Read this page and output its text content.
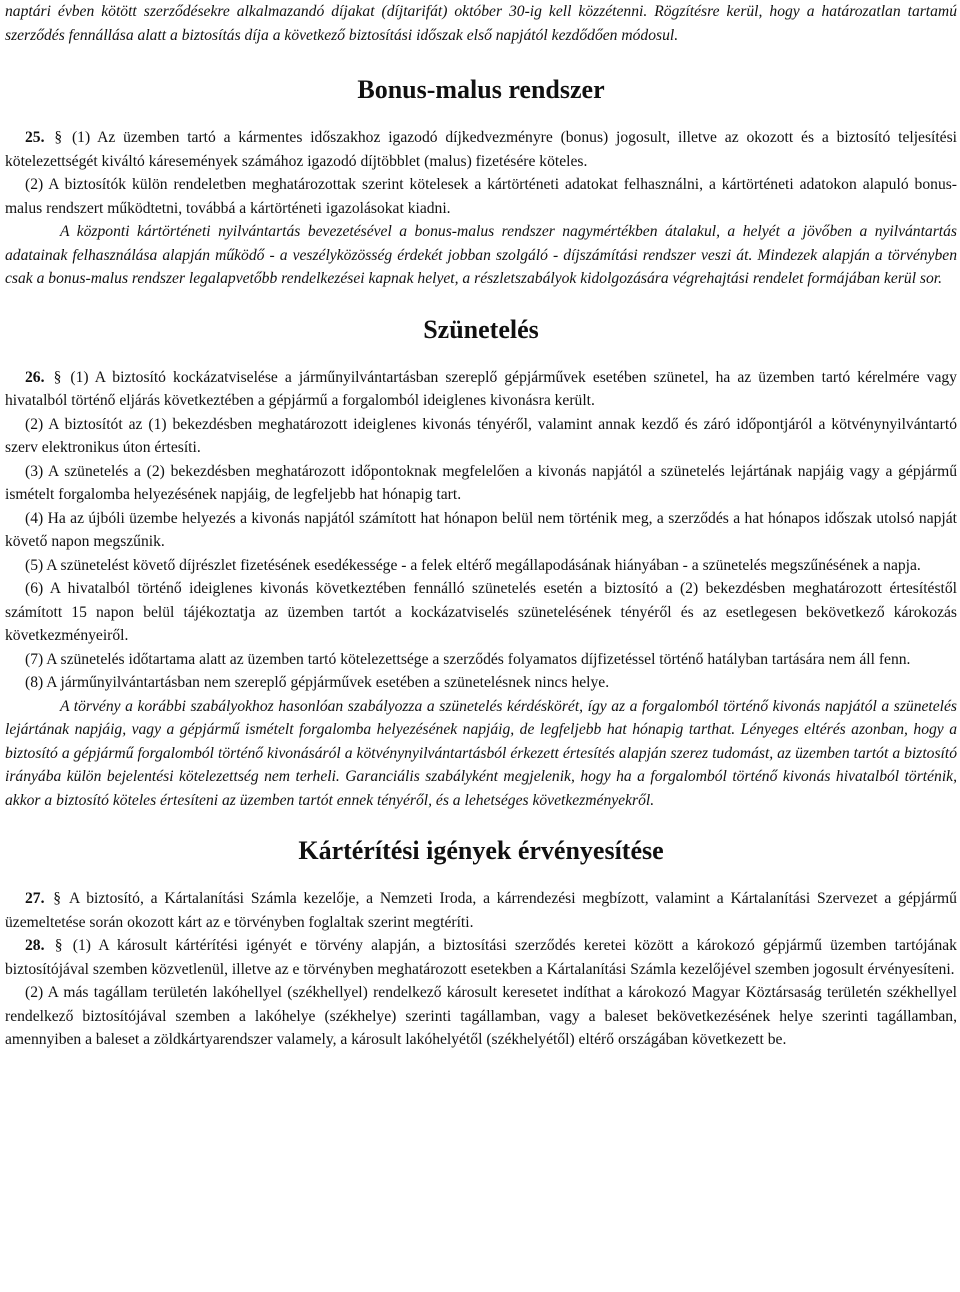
naptári évben kötött szerződésekre alkalmazandó díjakat (díjtarifát) október 30-ig kell közzétenni. Rögzítésre kerül, hogy a határozatlan tartamú szerződés fennállása alatt a biztosítás díja a következő biztosítási időszak első napjától kezdődően módosul.

Bonus-malus rendszer

25. § (1) Az üzemben tartó a kármentes időszakhoz igazodó díjkedvezményre (bonus) jogosult, illetve az okozott és a biztosító teljesítési kötelezettségét kiváltó káresemények számához igazodó díjtöbblet (malus) fizetésére köteles.

(2) A biztosítók külön rendeletben meghatározottak szerint kötelesek a kártörténeti adatokat felhasználni, a kártörténeti adatokon alapuló bonus-malus rendszert működtetni, továbbá a kártörténeti igazolásokat kiadni.

A központi kártörténeti nyilvántartás bevezetésével a bonus-malus rendszer nagymértékben átalakul, a helyét a jövőben a nyilvántartás adatainak felhasználása alapján működő - a veszélyközösség érdekét jobban szolgáló - díjszámítási rendszer veszi át. Mindezek alapján a törvényben csak a bonus-malus rendszer legalapvetőbb rendelkezései kapnak helyet, a részletszabályok kidolgozására végrehajtási rendelet formájában kerül sor.

Szünetelés

26. § (1) A biztosító kockázatviselése a járműnyilvántartásban szereplő gépjárművek esetében szünetel, ha az üzemben tartó kérelmére vagy hivatalból történő eljárás következtében a gépjármű a forgalomból ideiglenes kivonásra került.

(2) A biztosítót az (1) bekezdésben meghatározott ideiglenes kivonás tényéről, valamint annak kezdő és záró időpontjáról a kötvénynyilvántartó szerv elektronikus úton értesíti.

(3) A szünetelés a (2) bekezdésben meghatározott időpontoknak megfelelően a kivonás napjától a szünetelés lejártának napjáig vagy a gépjármű ismételt forgalomba helyezésének napjáig, de legfeljebb hat hónapig tart.

(4) Ha az újbóli üzembe helyezés a kivonás napjától számított hat hónapon belül nem történik meg, a szerződés a hat hónapos időszak utolsó napját követő napon megszűnik.

(5) A szünetelést követő díjrészlet fizetésének esedékessége - a felek eltérő megállapodásának hiányában - a szünetelés megszűnésének a napja.

(6) A hivatalból történő ideiglenes kivonás következtében fennálló szünetelés esetén a biztosító a (2) bekezdésben meghatározott értesítéstől számított 15 napon belül tájékoztatja az üzemben tartót a kockázatviselés szünetelésének tényéről és az esetlegesen bekövetkező károkozás következményeiről.

(7) A szünetelés időtartama alatt az üzemben tartó kötelezettsége a szerződés folyamatos díjfizetéssel történő hatályban tartására nem áll fenn.

(8) A járműnyilvántartásban nem szereplő gépjárművek esetében a szünetelésnek nincs helye.

A törvény a korábbi szabályokhoz hasonlóan szabályozza a szünetelés kérdéskörét, így az a forgalomból történő kivonás napjától a szünetelés lejártának napjáig, vagy a gépjármű ismételt forgalomba helyezésének napjáig, de legfeljebb hat hónapig tarthat. Lényeges eltérés azonban, hogy a biztosító a gépjármű forgalomból történő kivonásáról a kötvénynyilvántartásból érkezett értesítés alapján szerez tudomást, az üzemben tartót a biztosító irányába külön bejelentési kötelezettség nem terheli. Garanciális szabályként megjelenik, hogy ha a forgalomból történő kivonás hivatalból történik, akkor a biztosító köteles értesíteni az üzemben tartót ennek tényéről, és a lehetséges következményekről.

Kártérítési igények érvényesítése

27. § A biztosító, a Kártalanítási Számla kezelője, a Nemzeti Iroda, a kárrendezési megbízott, valamint a Kártalanítási Szervezet a gépjármű üzemeltetése során okozott kárt az e törvényben foglaltak szerint megtéríti.

28. § (1) A károsult kártérítési igényét e törvény alapján, a biztosítási szerződés keretei között a károkozó gépjármű üzemben tartójának biztosítójával szemben közvetlenül, illetve az e törvényben meghatározott esetekben a Kártalanítási Számla kezelőjével szemben jogosult érvényesíteni.

(2) A más tagállam területén lakóhellyel (székhellyel) rendelkező károsult keresetet indíthat a károkozó Magyar Köztársaság területén székhellyel rendelkező biztosítójával szemben a lakóhelye (székhelye) szerinti tagállamban, vagy a baleset bekövetkezésének helye szerinti tagállamban, amennyiben a baleset a zöldkártyarendszer valamely, a károsult lakóhelyétől (székhelyétől) eltérő országában következett be.
